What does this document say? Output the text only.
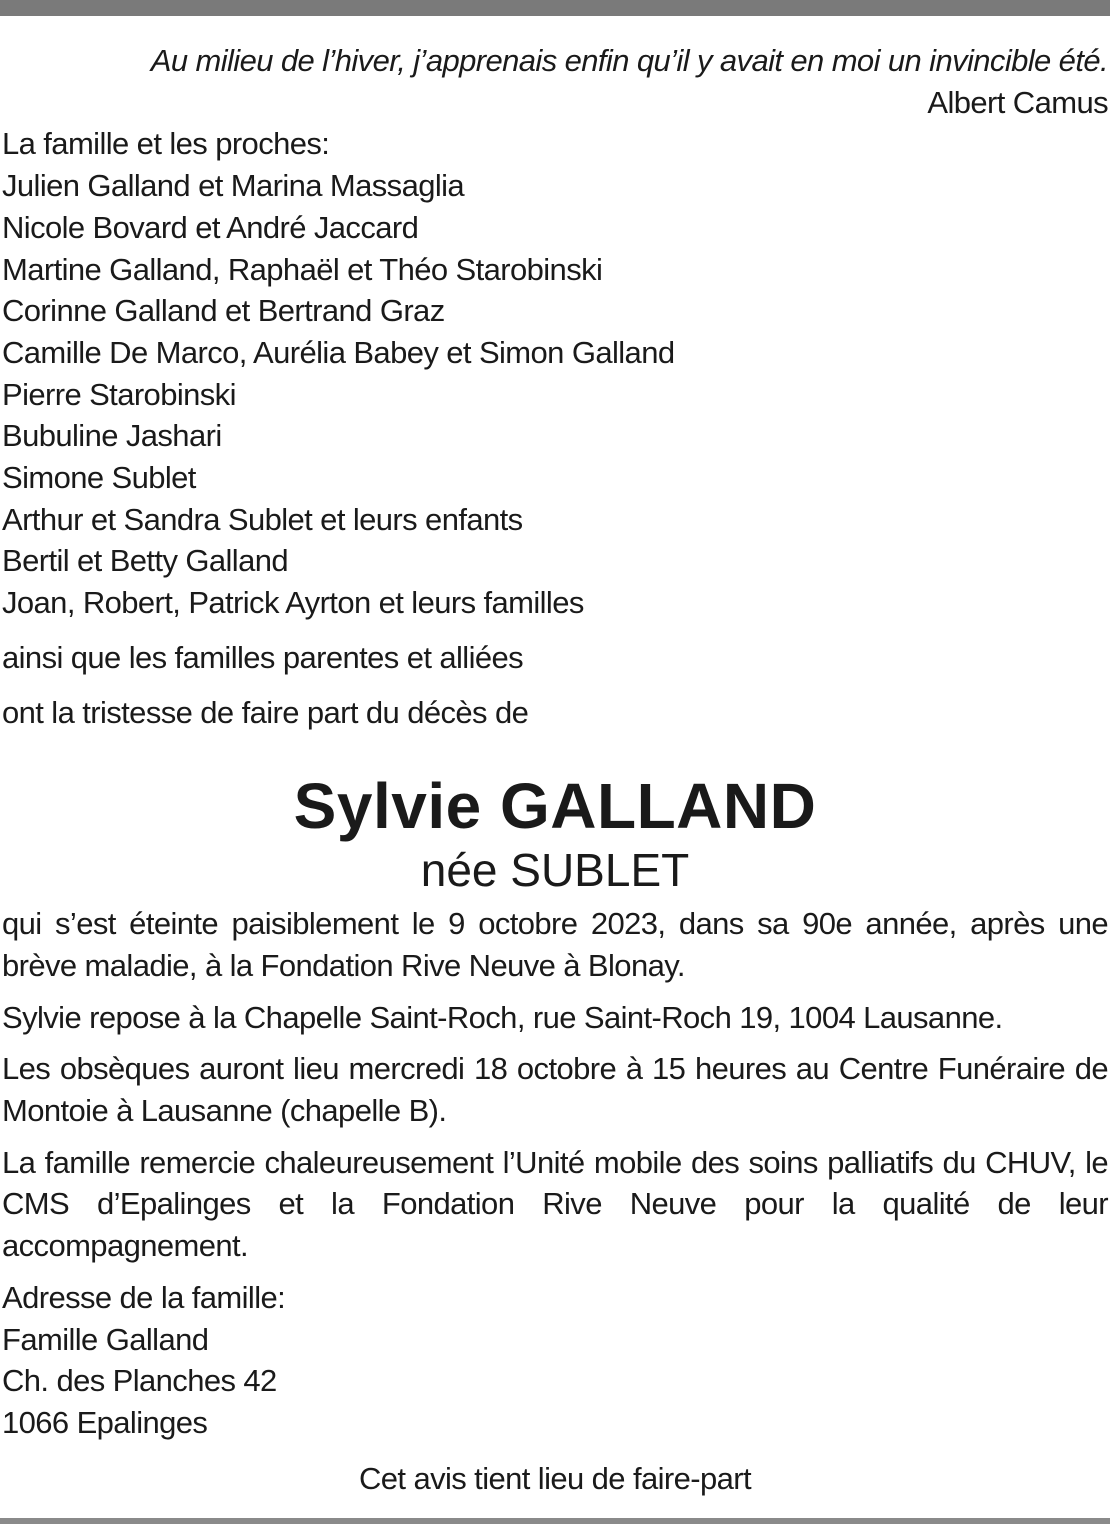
Au milieu de l’hiver, j’apprenais enfin qu’il y avait en moi un invincible été.
Albert Camus
La famille et les proches:
Julien Galland et Marina Massaglia
Nicole Bovard et André Jaccard
Martine Galland, Raphaël et Théo Starobinski
Corinne Galland et Bertrand Graz
Camille De Marco, Aurélia Babey et Simon Galland
Pierre Starobinski
Bubuline Jashari
Simone Sublet
Arthur et Sandra Sublet et leurs enfants
Bertil et Betty Galland
Joan, Robert, Patrick Ayrton et leurs familles
ainsi que les familles parentes et alliées
ont la tristesse de faire part du décès de
Sylvie GALLAND
née SUBLET
qui s’est éteinte paisiblement le 9 octobre 2023, dans sa 90e année, après une brève maladie, à la Fondation Rive Neuve à Blonay.
Sylvie repose à la Chapelle Saint-Roch, rue Saint-Roch 19, 1004 Lausanne.
Les obsèques auront lieu mercredi 18 octobre à 15 heures au Centre Funéraire de Montoie à Lausanne (chapelle B).
La famille remercie chaleureusement l’Unité mobile des soins palliatifs du CHUV, le CMS d’Epalinges et la Fondation Rive Neuve pour la qualité de leur accompagnement.
Adresse de la famille:
Famille Galland
Ch. des Planches 42
1066 Epalinges
Cet avis tient lieu de faire-part
